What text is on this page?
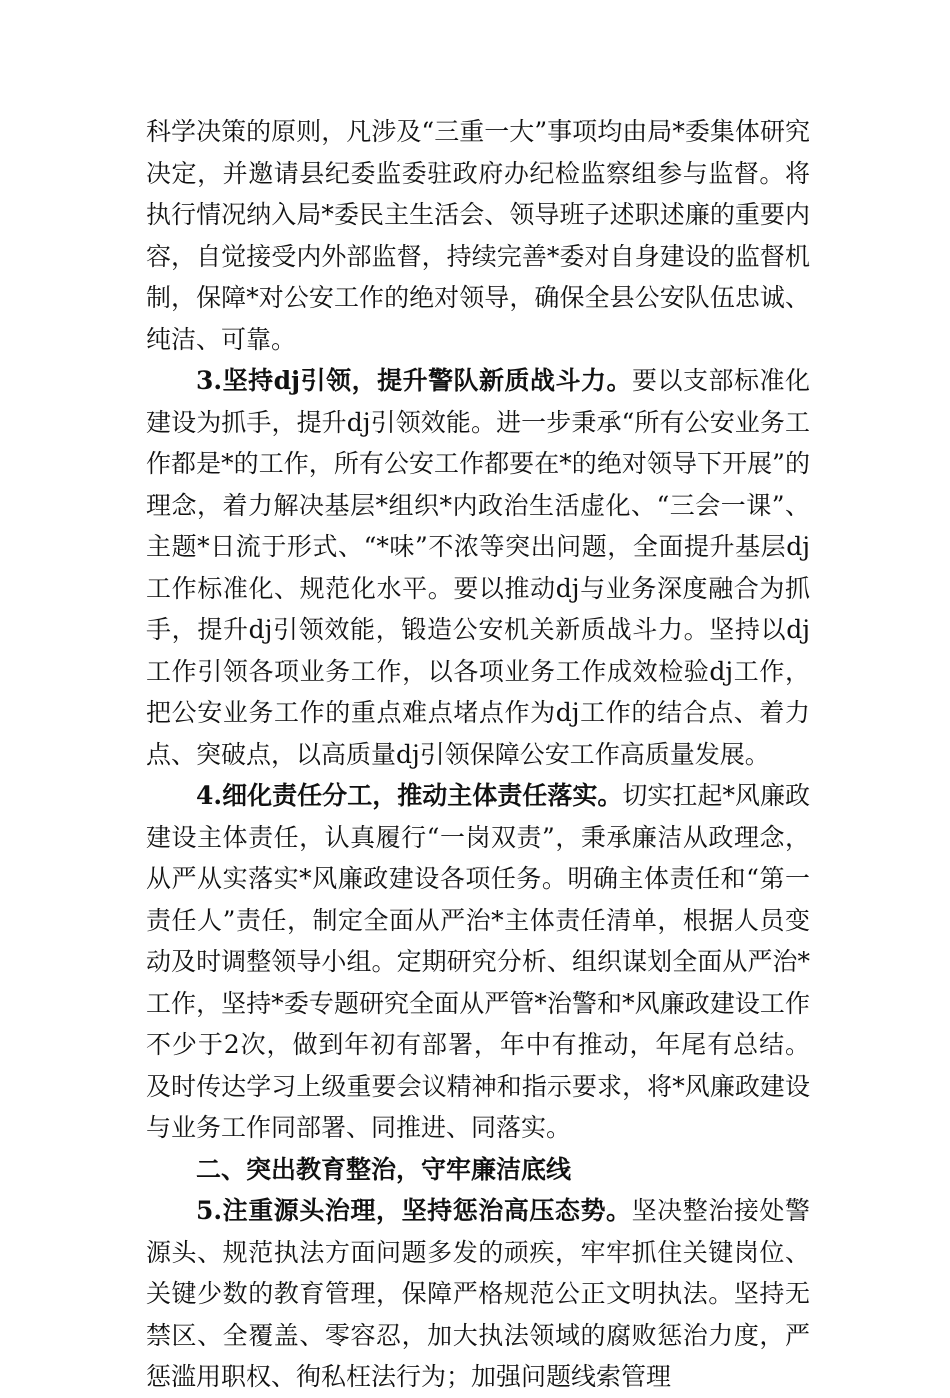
科学决策的原则，凡涉及“三重一大”事项均由局*委集体研究决定，并邀请县纪委监委驻政府办纪检监察组参与监督。将执行情况纳入局*委民主生活会、领导班子述职述廉的重要内容，自觉接受内外部监督，持续完善*委对自身建设的监督机制，保障*对公安工作的绝对领导，确保全县公安队伍忠诚、纯洁、可靠。

3.坚持dj引领，提升警队新质战斗力。要以支部标准化建设为抓手，提升dj引领效能。进一步秉承“所有公安业务工作都是*的工作，所有公安工作都要在*的绝对领导下开展”的理念，着力解决基层*组织*内政治生活虚化、“三会一课”、主题*日流于形式、“*味”不浓等突出问题，全面提升基层dj工作标准化、规范化水平。要以推动dj与业务深度融合为抓手，提升dj引领效能，锻造公安机关新质战斗力。坚持以dj工作引领各项业务工作，以各项业务工作成效检验dj工作，把公安业务工作的重点难点堵点作为dj工作的结合点、着力点、突破点，以高质量dj引领保障公安工作高质量发展。

4.细化责任分工，推动主体责任落实。切实扛起*风廉政建设主体责任，认真履行“一岗双责”，秉承廉洁从政理念，从严从实落实*风廉政建设各项任务。明确主体责任和“第一责任人”责任，制定全面从严治*主体责任清单，根据人员变动及时调整领导小组。定期研究分析、组织谋划全面从严治*工作，坚持*委专题研究全面从严管*治警和*风廉政建设工作不少于2次，做到年初有部署，年中有推动，年尾有总结。及时传达学习上级重要会议精神和指示要求，将*风廉政建设与业务工作同部署、同推进、同落实。

二、突出教育整治，守牢廉洁底线

5.注重源头治理，坚持惩治高压态势。坚决整治接处警源头、规范执法方面问题多发的顽疾，牢牢抓住关键岗位、关键少数的教育管理，保障严格规范公正文明执法。坚持无禁区、全覆盖、零容忍，加大执法领域的腐败惩治力度，严惩滥用职权、徇私枉法行为；加强问题线索管理
